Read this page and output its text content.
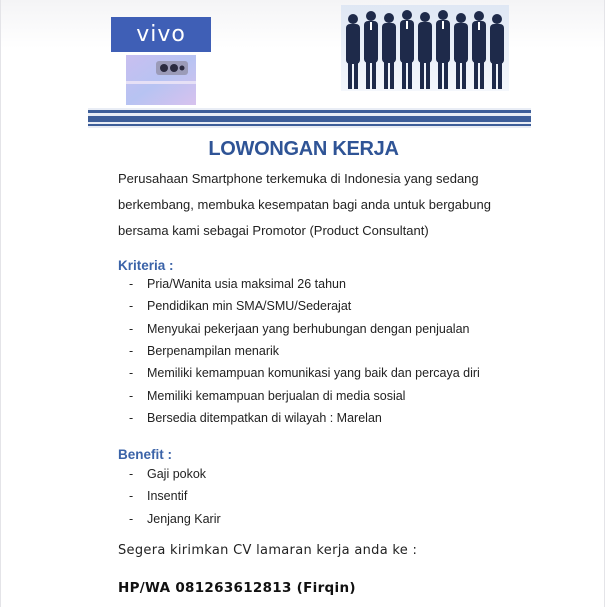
vivo
LOWONGAN KERJA
Perusahaan Smartphone terkemuka di Indonesia yang sedang
berkembang, membuka kesempatan bagi anda untuk bergabung
bersama kami sebagai Promotor (Product Consultant)
Kriteria :
-	Pria/Wanita usia maksimal 26 tahun
-	Pendidikan min SMA/SMU/Sederajat
-	Menyukai pekerjaan yang berhubungan dengan penjualan
-	Berpenampilan menarik
-	Memiliki kemampuan komunikasi yang baik dan percaya diri
-	Memiliki kemampuan berjualan di media sosial
-	Bersedia ditempatkan di wilayah : Marelan
Benefit :
-	Gaji pokok
-	Insentif
-	Jenjang Karir
Segera kirimkan CV lamaran kerja anda ke :
HP/WA 081263612813 (Firqin)
